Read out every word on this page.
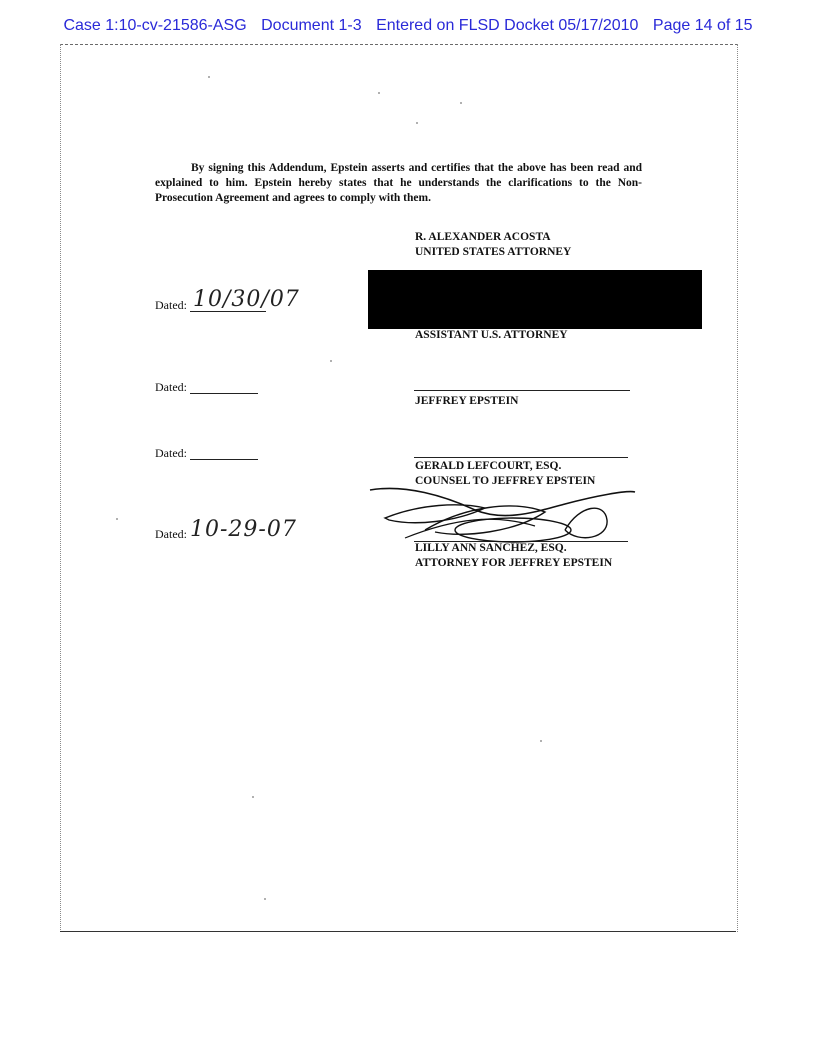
Case 1:10-cv-21586-ASG Document 1-3 Entered on FLSD Docket 05/17/2010 Page 14 of 15

By signing this Addendum, Epstein asserts and certifies that the above has been read and explained to him. Epstein hereby states that he understands the clarifications to the Non-Prosecution Agreement and agrees to comply with them.

R. ALEXANDER ACOSTA
UNITED STATES ATTORNEY
ASSISTANT U.S. ATTORNEY
Dated: 10/30/07
Dated:
JEFFREY EPSTEIN
Dated:
GERALD LEFCOURT, ESQ.
COUNSEL TO JEFFREY EPSTEIN
Dated: 10-29-07
LILLY ANN SANCHEZ, ESQ.
ATTORNEY FOR JEFFREY EPSTEIN
